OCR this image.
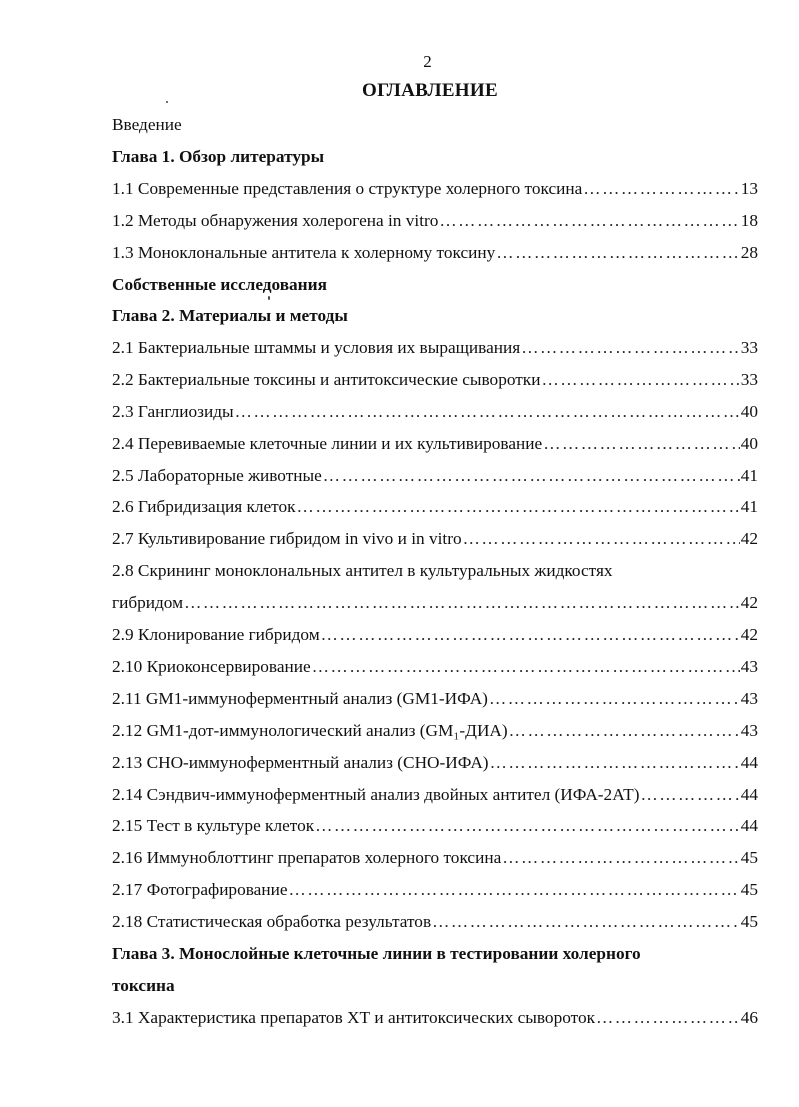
2
ОГЛАВЛЕНИЕ
Введение
Глава 1. Обзор литературы
1.1 Современные представления о структуре холерного токсина ……………………………………………………………………………………………………………………………………………………	13
1.2 Методы обнаружения холерогена in vitro ……………………………………………………………………………………………………………………………………………………	18
1.3 Моноклональные антитела к холерному токсину ……………………………………………………………………………………………………………………………………………………	28
Собственные исследования
Глава 2. Материалы и методы
2.1 Бактериальные штаммы и условия их выращивания ……………………………………………………………………………………………………………………………………………………	33
2.2 Бактериальные токсины и антитоксические сыворотки ……………………………………………………………………………………………………………………………………………………	33
2.3 Ганглиозиды ……………………………………………………………………………………………………………………………………………………	40
2.4 Перевиваемые клеточные линии и их культивирование ……………………………………………………………………………………………………………………………………………………	40
2.5 Лабораторные животные ……………………………………………………………………………………………………………………………………………………	41
2.6 Гибридизация клеток ……………………………………………………………………………………………………………………………………………………	41
2.7 Культивирование гибридом in vivo и in vitro ……………………………………………………………………………………………………………………………………………………	42
2.8 Скрининг моноклональных антител в культуральных жидкостях
гибридом ……………………………………………………………………………………………………………………………………………………	42
2.9 Клонирование гибридом ……………………………………………………………………………………………………………………………………………………	42
2.10 Криоконсервирование ……………………………………………………………………………………………………………………………………………………	43
2.11 GM1-иммуноферментный анализ (GM1-ИФА) ……………………………………………………………………………………………………………………………………………………	43
2.12 GM1-дот-иммунологический анализ (GM₁-ДИА) ……………………………………………………………………………………………………………………………………………………	43
2.13 CHO-иммуноферментный анализ (CHO-ИФА) ……………………………………………………………………………………………………………………………………………………	44
2.14 Сэндвич-иммуноферментный анализ двойных антител (ИФА-2АТ) ……………………………………………………………………………………………………………………………………………………	44
2.15 Тест в культуре клеток ……………………………………………………………………………………………………………………………………………………	44
2.16 Иммуноблоттинг препаратов холерного токсина ……………………………………………………………………………………………………………………………………………………	45
2.17 Фотографирование ……………………………………………………………………………………………………………………………………………………	45
2.18 Статистическая обработка результатов ……………………………………………………………………………………………………………………………………………………	45
Глава 3. Монослойные клеточные линии в тестировании холерного
токсина
3.1 Характеристика препаратов ХТ и антитоксических сывороток ……………………………………………………………………………………………………………………………………………………	46
